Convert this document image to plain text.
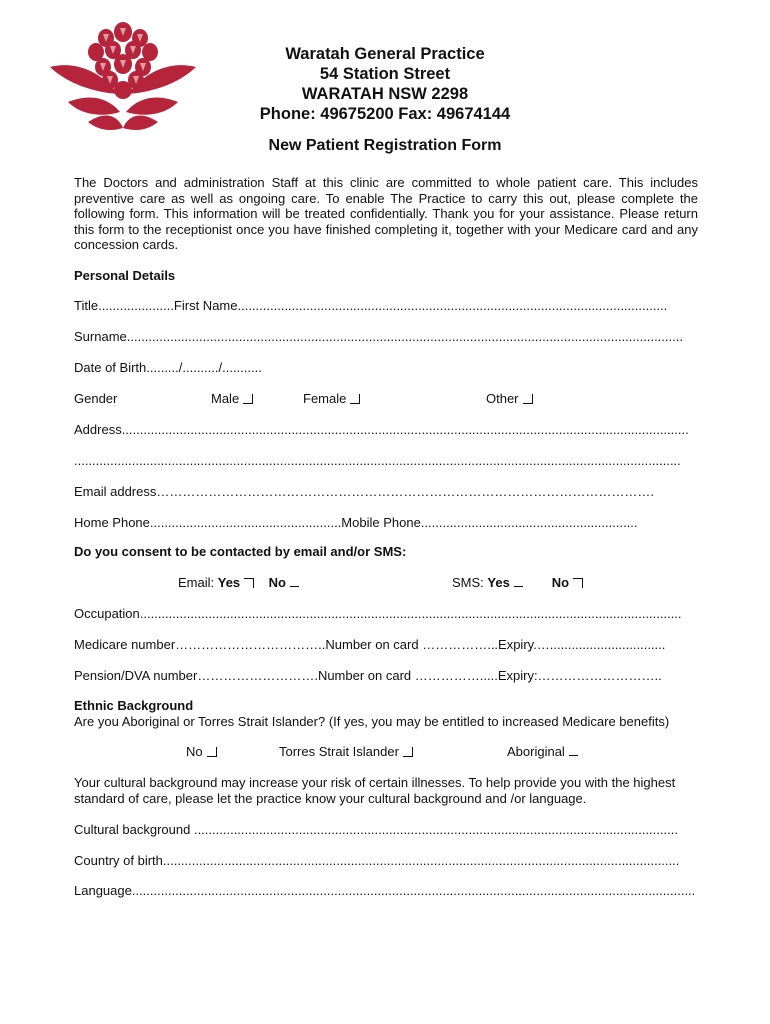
Waratah General Practice
54 Station Street
WARATAH NSW 2298
Phone: 49675200 Fax: 49674144
New Patient Registration Form
The Doctors and administration Staff at this clinic are committed to whole patient care. This includes preventive care as well as ongoing care. To enable The Practice to carry this out, please complete the following form. This information will be treated confidentially. Thank you for your assistance. Please return this form to the receptionist once you have finished completing it, together with your Medicare card and any concession cards.
Personal Details
Title.....................First Name.......................................................................................................................
Surname..........................................................................................................................................................
Date of Birth........./........../...........
Gender	Male	Female	Other
Address.............................................................................................................................................................
........................................................................................................................................................................
Email address…………………………………………………………………………………………………….
Home Phone.....................................................Mobile Phone............................................................
Do you consent to be contacted by email and/or SMS:
Email: Yes No	SMS: Yes	No
Occupation......................................................................................................................................................
Medicare number……………………………..Number on card ……………...Expiry.…................................
Pension/DVA number……………………….Number on card …………….....Expiry:………………………..
Ethnic Background
Are you Aboriginal or Torres Strait Islander? (If yes, you may be entitled to increased Medicare benefits)
No	Torres Strait Islander	Aboriginal
Your cultural background may increase your risk of certain illnesses. To help provide you with the highest standard of care, please let the practice know your cultural background and /or language.
Cultural background ......................................................................................................................................
Country of birth...............................................................................................................................................
Language............................................................................................................................................................
